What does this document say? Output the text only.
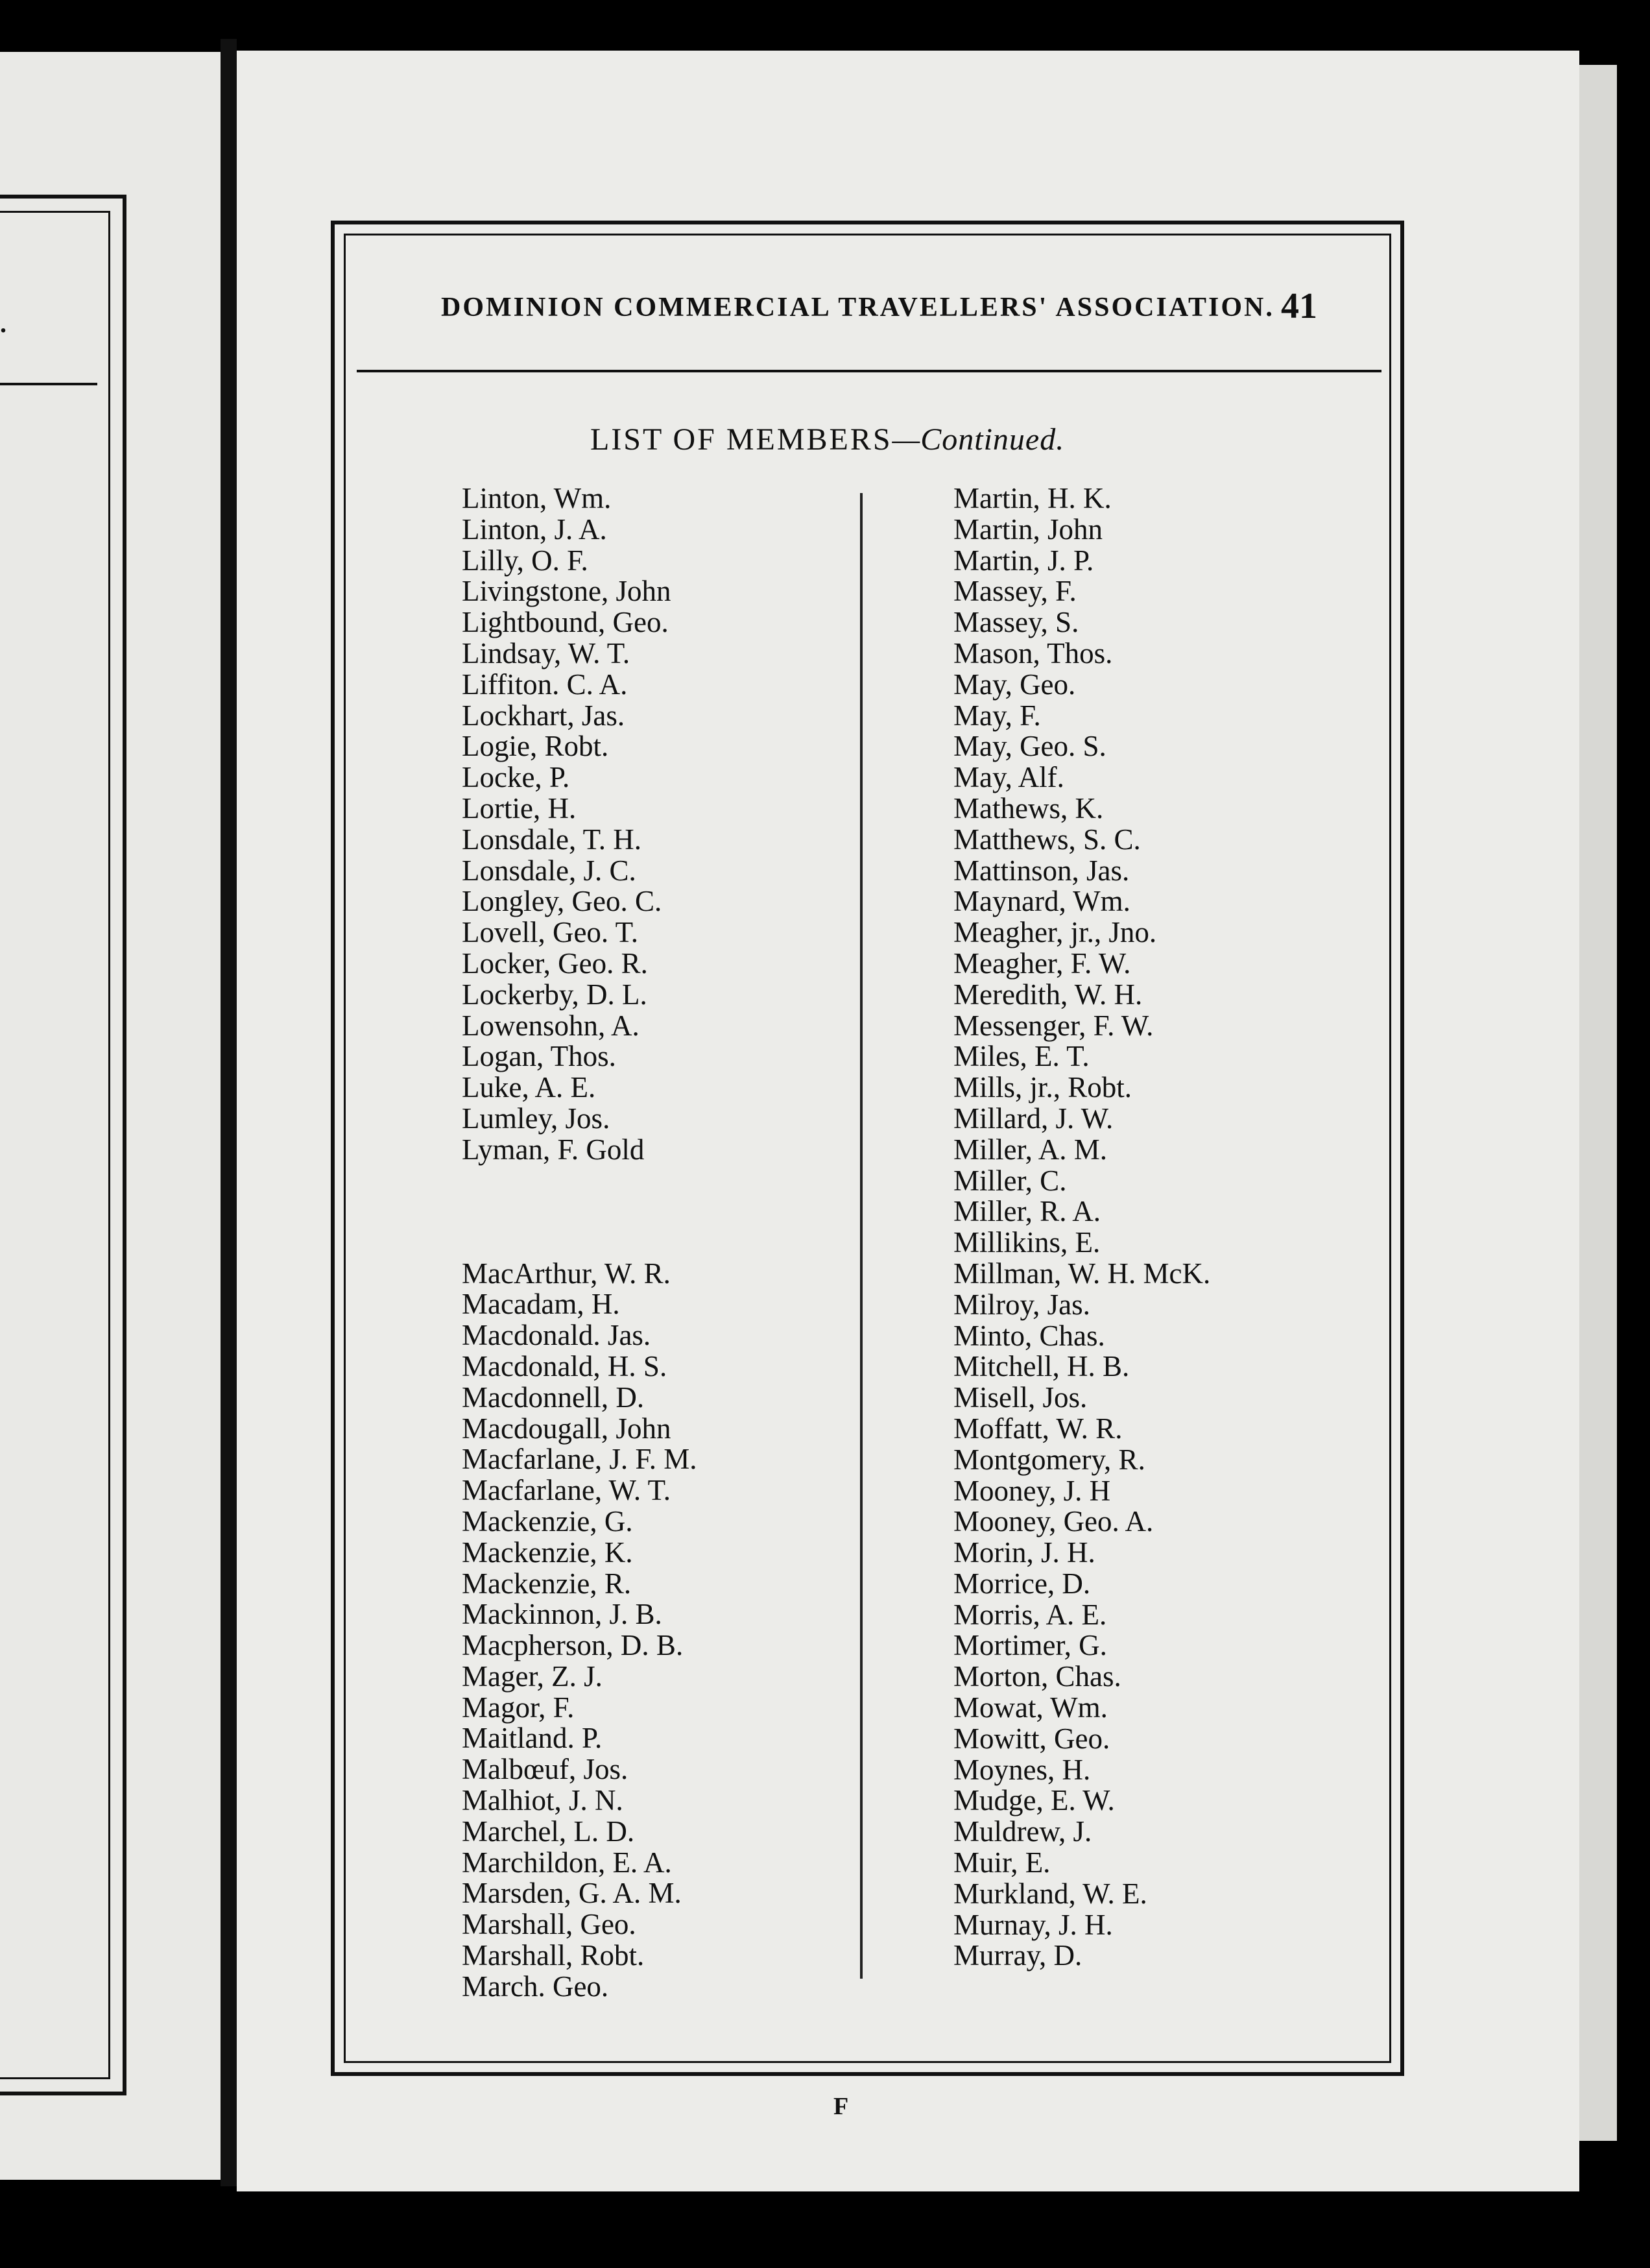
.
DOMINION COMMERCIAL TRAVELLERS' ASSOCIATION. 41
LIST OF MEMBERS—Continued.
Linton, Wm.
Linton, J. A.
Lilly, O. F.
Livingstone, John
Lightbound, Geo.
Lindsay, W. T.
Liffiton. C. A.
Lockhart, Jas.
Logie, Robt.
Locke, P.
Lortie, H.
Lonsdale, T. H.
Lonsdale, J. C.
Longley, Geo. C.
Lovell, Geo. T.
Locker, Geo. R.
Lockerby, D. L.
Lowensohn, A.
Logan, Thos.
Luke, A. E.
Lumley, Jos.
Lyman, F. Gold
MacArthur, W. R.
Macadam, H.
Macdonald. Jas.
Macdonald, H. S.
Macdonnell, D.
Macdougall, John
Macfarlane, J. F. M.
Macfarlane, W. T.
Mackenzie, G.
Mackenzie, K.
Mackenzie, R.
Mackinnon, J. B.
Macpherson, D. B.
Mager, Z. J.
Magor, F.
Maitland. P.
Malbœuf, Jos.
Malhiot, J. N.
Marchel, L. D.
Marchildon, E. A.
Marsden, G. A. M.
Marshall, Geo.
Marshall, Robt.
March. Geo.
Martin, H. K.
Martin, John
Martin, J. P.
Massey, F.
Massey, S.
Mason, Thos.
May, Geo.
May, F.
May, Geo. S.
May, Alf.
Mathews, K.
Matthews, S. C.
Mattinson, Jas.
Maynard, Wm.
Meagher, jr., Jno.
Meagher, F. W.
Meredith, W. H.
Messenger, F. W.
Miles, E. T.
Mills, jr., Robt.
Millard, J. W.
Miller, A. M.
Miller, C.
Miller, R. A.
Millikins, E.
Millman, W. H. McK.
Milroy, Jas.
Minto, Chas.
Mitchell, H. B.
Misell, Jos.
Moffatt, W. R.
Montgomery, R.
Mooney, J. H
Mooney, Geo. A.
Morin, J. H.
Morrice, D.
Morris, A. E.
Mortimer, G.
Morton, Chas.
Mowat, Wm.
Mowitt, Geo.
Moynes, H.
Mudge, E. W.
Muldrew, J.
Muir, E.
Murkland, W. E.
Murnay, J. H.
Murray, D.
F
